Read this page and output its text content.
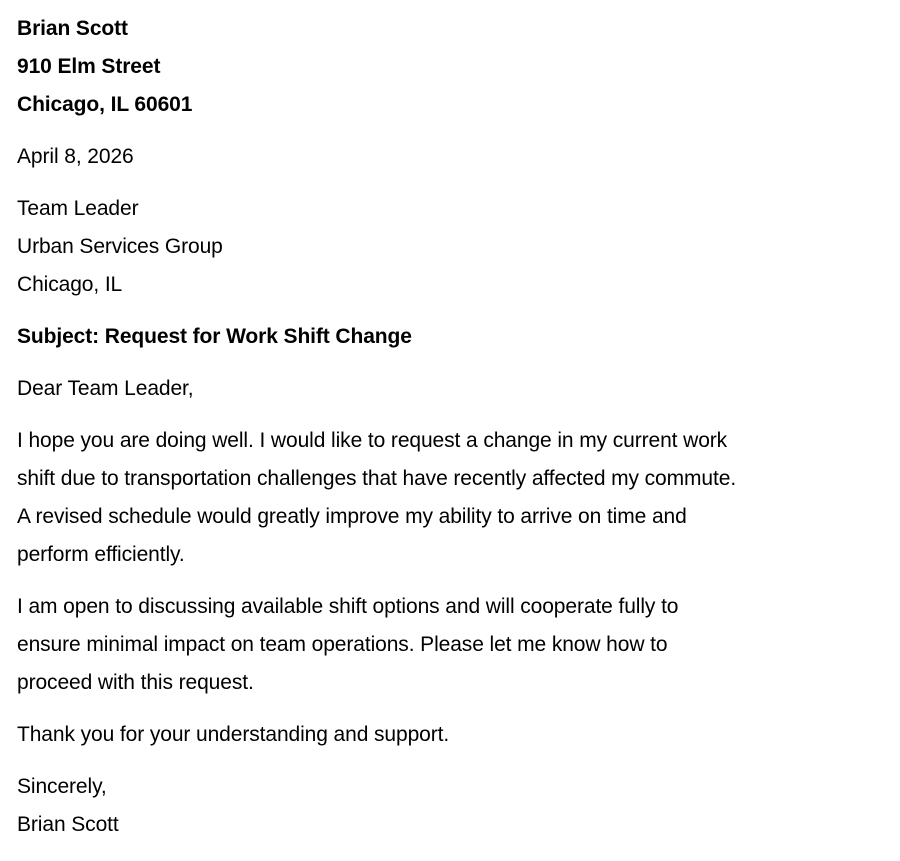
Brian Scott
910 Elm Street
Chicago, IL 60601
April 8, 2026
Team Leader
Urban Services Group
Chicago, IL
Subject: Request for Work Shift Change
Dear Team Leader,
I hope you are doing well. I would like to request a change in my current work
shift due to transportation challenges that have recently affected my commute.
A revised schedule would greatly improve my ability to arrive on time and
perform efficiently.
I am open to discussing available shift options and will cooperate fully to
ensure minimal impact on team operations. Please let me know how to
proceed with this request.
Thank you for your understanding and support.
Sincerely,
Brian Scott
